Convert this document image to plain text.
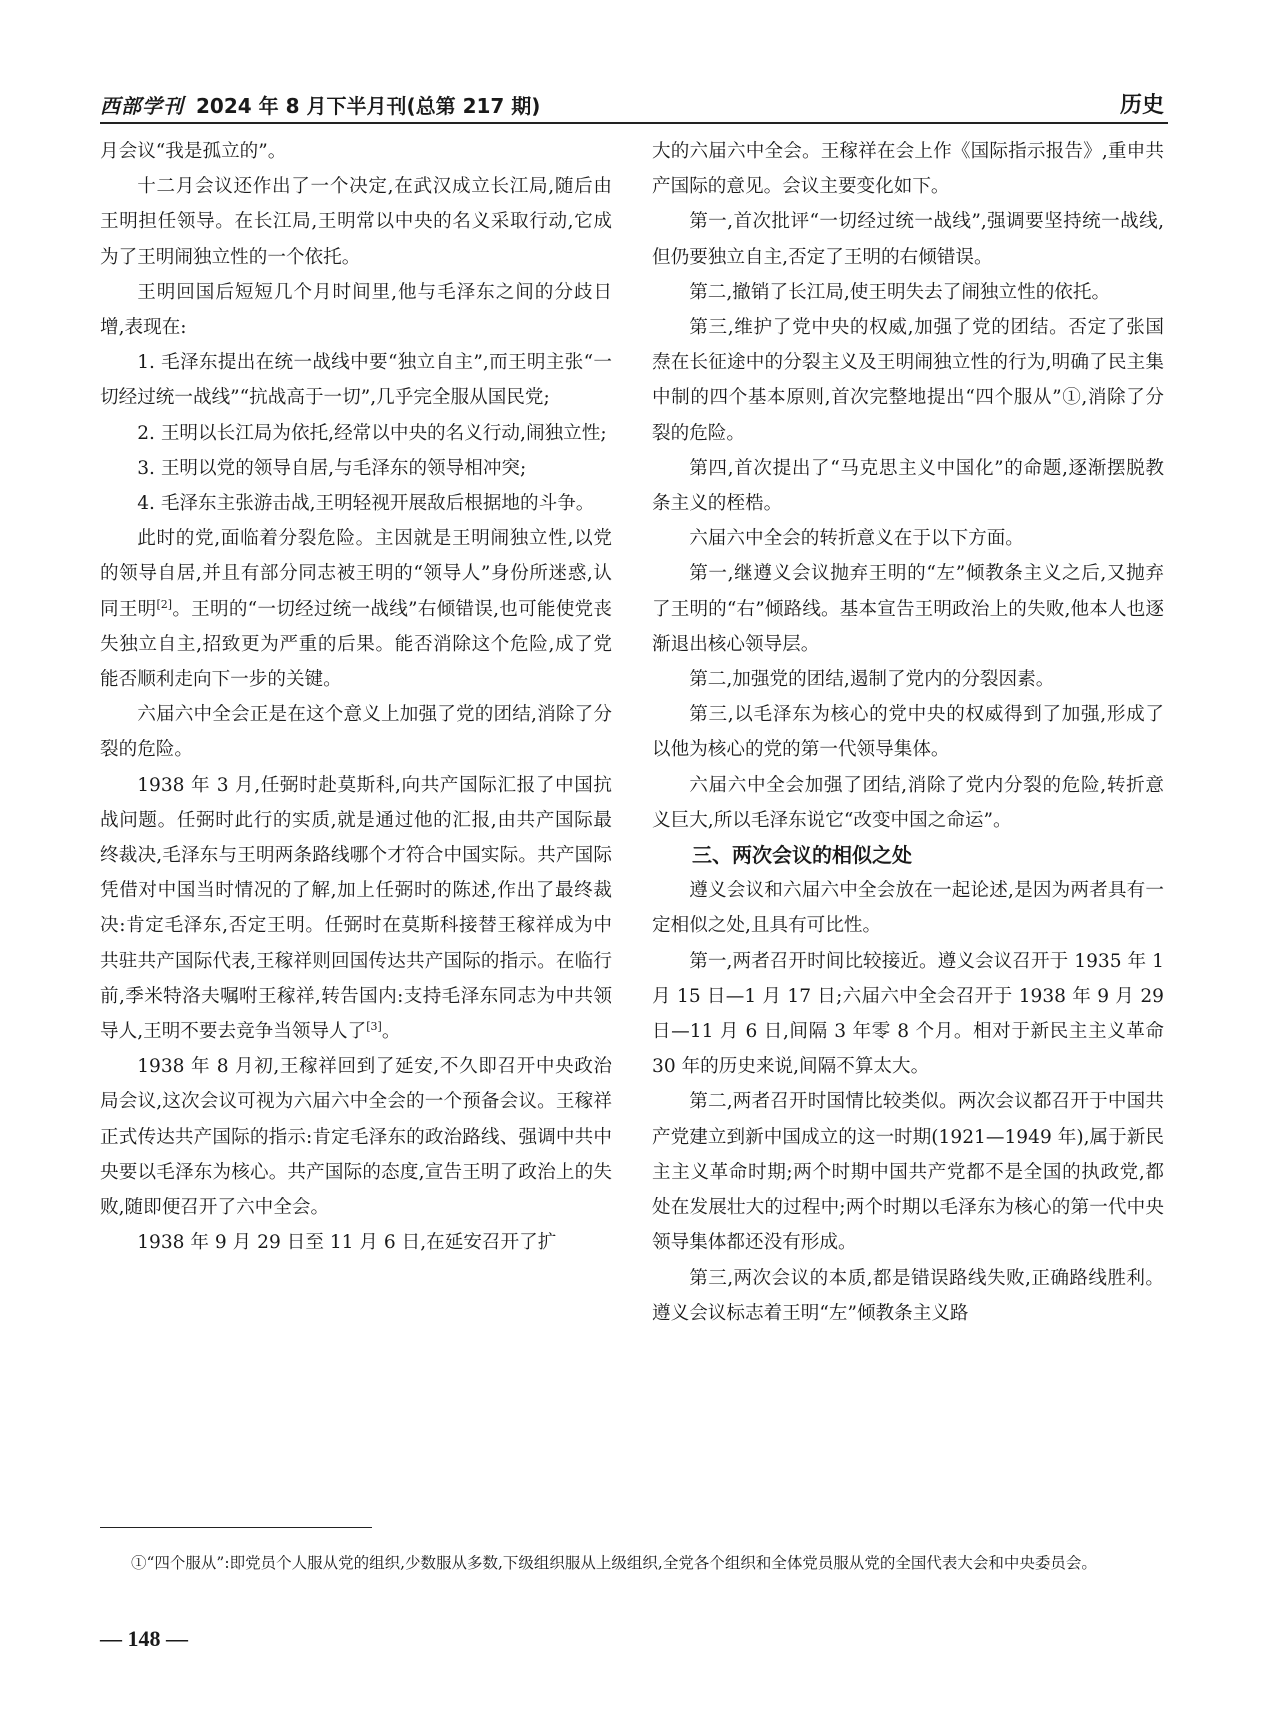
西部学刊 2024 年 8 月下半月刊(总第 217 期)	历史

月会议“我是孤立的”。

十二月会议还作出了一个决定,在武汉成立长江局,随后由王明担任领导。在长江局,王明常以中央的名义采取行动,它成为了王明闹独立性的一个依托。

王明回国后短短几个月时间里,他与毛泽东之间的分歧日增,表现在:

1. 毛泽东提出在统一战线中要“独立自主”,而王明主张“一切经过统一战线”“抗战高于一切”,几乎完全服从国民党;

2. 王明以长江局为依托,经常以中央的名义行动,闹独立性;

3. 王明以党的领导自居,与毛泽东的领导相冲突;

4. 毛泽东主张游击战,王明轻视开展敌后根据地的斗争。

此时的党,面临着分裂危险。主因就是王明闹独立性,以党的领导自居,并且有部分同志被王明的“领导人”身份所迷惑,认同王明[2]。王明的“一切经过统一战线”右倾错误,也可能使党丧失独立自主,招致更为严重的后果。能否消除这个危险,成了党能否顺利走向下一步的关键。

六届六中全会正是在这个意义上加强了党的团结,消除了分裂的危险。

1938 年 3 月,任弼时赴莫斯科,向共产国际汇报了中国抗战问题。任弼时此行的实质,就是通过他的汇报,由共产国际最终裁决,毛泽东与王明两条路线哪个才符合中国实际。共产国际凭借对中国当时情况的了解,加上任弼时的陈述,作出了最终裁决:肯定毛泽东,否定王明。任弼时在莫斯科接替王稼祥成为中共驻共产国际代表,王稼祥则回国传达共产国际的指示。在临行前,季米特洛夫嘱咐王稼祥,转告国内:支持毛泽东同志为中共领导人,王明不要去竞争当领导人了[3]。

1938 年 8 月初,王稼祥回到了延安,不久即召开中央政治局会议,这次会议可视为六届六中全会的一个预备会议。王稼祥正式传达共产国际的指示:肯定毛泽东的政治路线、强调中共中央要以毛泽东为核心。共产国际的态度,宣告王明了政治上的失败,随即便召开了六中全会。

1938 年 9 月 29 日至 11 月 6 日,在延安召开了扩

大的六届六中全会。王稼祥在会上作《国际指示报告》,重申共产国际的意见。会议主要变化如下。

第一,首次批评“一切经过统一战线”,强调要坚持统一战线,但仍要独立自主,否定了王明的右倾错误。

第二,撤销了长江局,使王明失去了闹独立性的依托。

第三,维护了党中央的权威,加强了党的团结。否定了张国焘在长征途中的分裂主义及王明闹独立性的行为,明确了民主集中制的四个基本原则,首次完整地提出“四个服从”①,消除了分裂的危险。

第四,首次提出了“马克思主义中国化”的命题,逐渐摆脱教条主义的桎梏。

六届六中全会的转折意义在于以下方面。

第一,继遵义会议抛弃王明的“左”倾教条主义之后,又抛弃了王明的“右”倾路线。基本宣告王明政治上的失败,他本人也逐渐退出核心领导层。

第二,加强党的团结,遏制了党内的分裂因素。

第三,以毛泽东为核心的党中央的权威得到了加强,形成了以他为核心的党的第一代领导集体。

六届六中全会加强了团结,消除了党内分裂的危险,转折意义巨大,所以毛泽东说它“改变中国之命运”。

三、两次会议的相似之处

遵义会议和六届六中全会放在一起论述,是因为两者具有一定相似之处,且具有可比性。

第一,两者召开时间比较接近。遵义会议召开于 1935 年 1 月 15 日—1 月 17 日;六届六中全会召开于 1938 年 9 月 29 日—11 月 6 日,间隔 3 年零 8 个月。相对于新民主主义革命 30 年的历史来说,间隔不算太大。

第二,两者召开时国情比较类似。两次会议都召开于中国共产党建立到新中国成立的这一时期(1921—1949 年),属于新民主主义革命时期;两个时期中国共产党都不是全国的执政党,都处在发展壮大的过程中;两个时期以毛泽东为核心的第一代中央领导集体都还没有形成。

第三,两次会议的本质,都是错误路线失败,正确路线胜利。遵义会议标志着王明“左”倾教条主义路

①“四个服从”:即党员个人服从党的组织,少数服从多数,下级组织服从上级组织,全党各个组织和全体党员服从党的全国代表大会和中央委员会。
— 148 —
